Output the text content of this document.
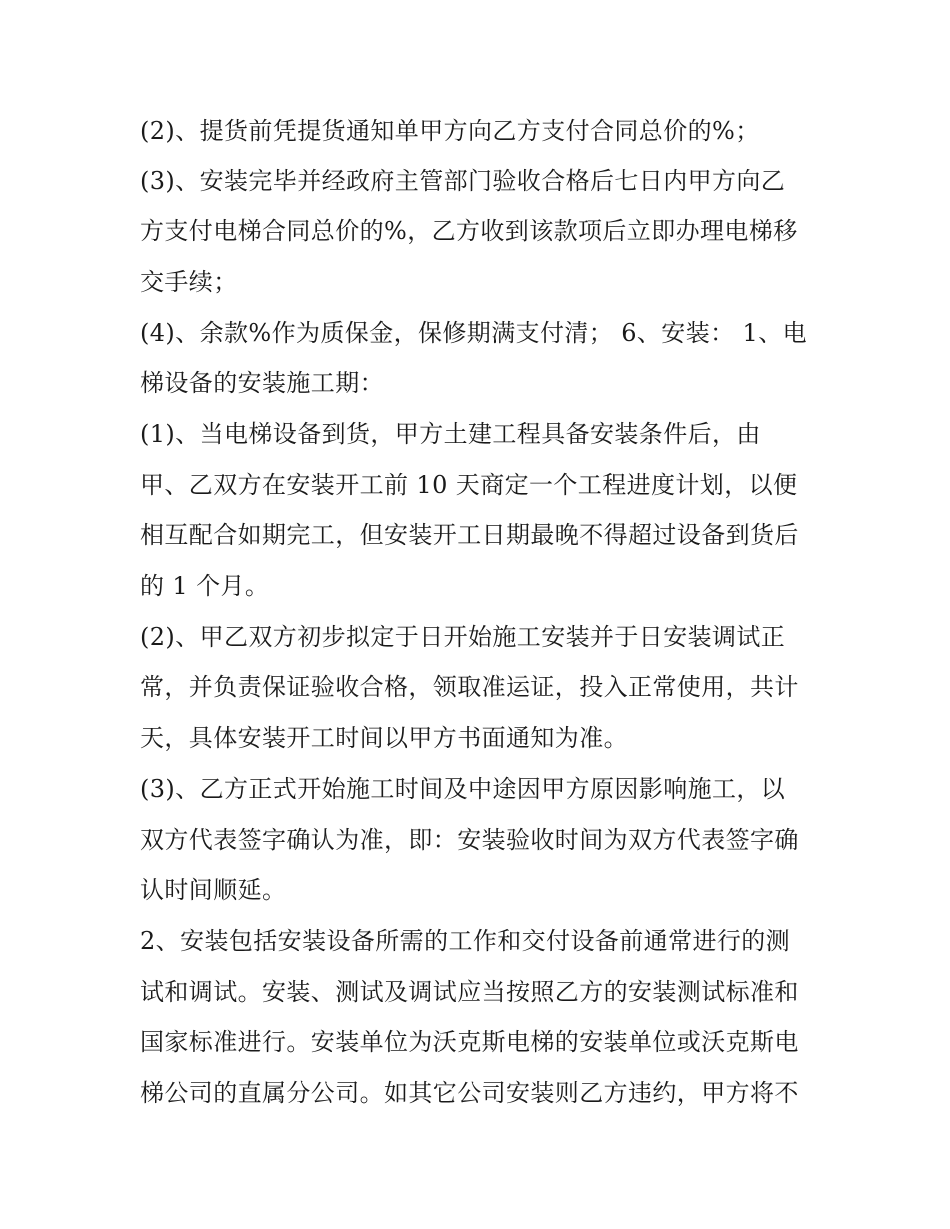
(2)、提货前凭提货通知单甲方向乙方支付合同总价的%；
(3)、安装完毕并经政府主管部门验收合格后七日内甲方向乙
方支付电梯合同总价的%，乙方收到该款项后立即办理电梯移
交手续；
(4)、余款%作为质保金，保修期满支付清； 6、安装： 1、电
梯设备的安装施工期：
(1)、当电梯设备到货，甲方土建工程具备安装条件后，由
甲、乙双方在安装开工前 10 天商定一个工程进度计划，以便
相互配合如期完工，但安装开工日期最晚不得超过设备到货后
的 1 个月。
(2)、甲乙双方初步拟定于日开始施工安装并于日安装调试正
常，并负责保证验收合格，领取准运证，投入正常使用，共计
天，具体安装开工时间以甲方书面通知为准。
(3)、乙方正式开始施工时间及中途因甲方原因影响施工，以
双方代表签字确认为准，即：安装验收时间为双方代表签字确
认时间顺延。
2、安装包括安装设备所需的工作和交付设备前通常进行的测
试和调试。安装、测试及调试应当按照乙方的安装测试标准和
国家标准进行。安装单位为沃克斯电梯的安装单位或沃克斯电
梯公司的直属分公司。如其它公司安装则乙方违约，甲方将不
